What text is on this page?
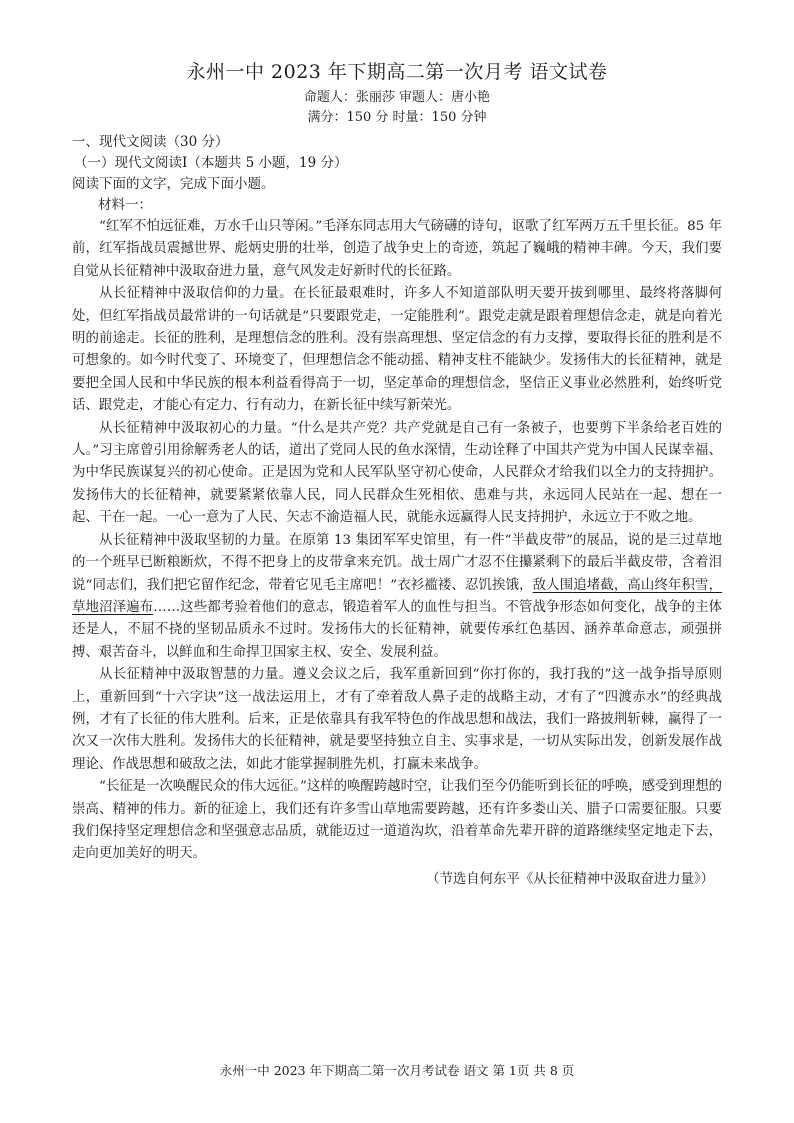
永州一中 2023 年下期高二第一次月考 语文试卷
命题人：张丽莎 审题人：唐小艳
满分：150 分 时量：150 分钟

一、现代文阅读（30 分）

（一）现代文阅读Ⅰ（本题共 5 小题，19 分）

阅读下面的文字，完成下面小题。

材料一：

“红军不怕远征难，万水千山只等闲。”毛泽东同志用大气磅礴的诗句，讴歌了红军两万五千里长征。85 年前，红军指战员震撼世界、彪炳史册的壮举，创造了战争史上的奇迹，筑起了巍峨的精神丰碑。今天，我们要自觉从长征精神中汲取奋进力量，意气风发走好新时代的长征路。

从长征精神中汲取信仰的力量。在长征最艰难时，许多人不知道部队明天要开拔到哪里、最终将落脚何处，但红军指战员最常讲的一句话就是“只要跟党走，一定能胜利”。跟党走就是跟着理想信念走，就是向着光明的前途走。长征的胜利，是理想信念的胜利。没有崇高理想、坚定信念的有力支撑，要取得长征的胜利是不可想象的。如今时代变了、环境变了，但理想信念不能动摇、精神支柱不能缺少。发扬伟大的长征精神，就是要把全国人民和中华民族的根本利益看得高于一切，坚定革命的理想信念，坚信正义事业必然胜利，始终听党话、跟党走，才能心有定力、行有动力，在新长征中续写新荣光。

从长征精神中汲取初心的力量。“什么是共产党？共产党就是自己有一条被子，也要剪下半条给老百姓的人。”习主席曾引用徐解秀老人的话，道出了党同人民的鱼水深情，生动诠释了中国共产党为中国人民谋幸福、为中华民族谋复兴的初心使命。正是因为党和人民军队坚守初心使命，人民群众才给我们以全力的支持拥护。发扬伟大的长征精神，就要紧紧依靠人民，同人民群众生死相依、患难与共，永远同人民站在一起、想在一起、干在一起。一心一意为了人民、矢志不渝造福人民，就能永远赢得人民支持拥护，永远立于不败之地。

从长征精神中汲取坚韧的力量。在原第 13 集团军军史馆里，有一件“半截皮带”的展品，说的是三过草地的一个班早已断粮断炊，不得不把身上的皮带拿来充饥。战士周广才忍不住攥紧剩下的最后半截皮带，含着泪说“同志们，我们把它留作纪念，带着它见毛主席吧！”衣衫褴褛、忍饥挨饿，敌人围追堵截，高山终年积雪，草地沼泽遍布……这些都考验着他们的意志，锻造着军人的血性与担当。不管战争形态如何变化，战争的主体还是人，不屈不挠的坚韧品质永不过时。发扬伟大的长征精神，就要传承红色基因、涵养革命意志，顽强拼搏、艰苦奋斗，以鲜血和生命捍卫国家主权、安全、发展利益。

从长征精神中汲取智慧的力量。遵义会议之后，我军重新回到“你打你的，我打我的”这一战争指导原则上，重新回到“十六字诀”这一战法运用上，才有了牵着敌人鼻子走的战略主动，才有了“四渡赤水”的经典战例，才有了长征的伟大胜利。后来，正是依靠具有我军特色的作战思想和战法，我们一路披荆斩棘，赢得了一次又一次伟大胜利。发扬伟大的长征精神，就是要坚持独立自主、实事求是，一切从实际出发，创新发展作战理论、作战思想和破敌之法，如此才能掌握制胜先机，打赢未来战争。

“长征是一次唤醒民众的伟大远征。”这样的唤醒跨越时空，让我们至今仍能听到长征的呼唤，感受到理想的崇高、精神的伟力。新的征途上，我们还有许多雪山草地需要跨越，还有许多娄山关、腊子口需要征服。只要我们保持坚定理想信念和坚强意志品质，就能迈过一道道沟坎，沿着革命先辈开辟的道路继续坚定地走下去，走向更加美好的明天。

（节选自何东平《从长征精神中汲取奋进力量》）

永州一中 2023 年下期高二第一次月考试卷 语文 第 1页 共 8 页
